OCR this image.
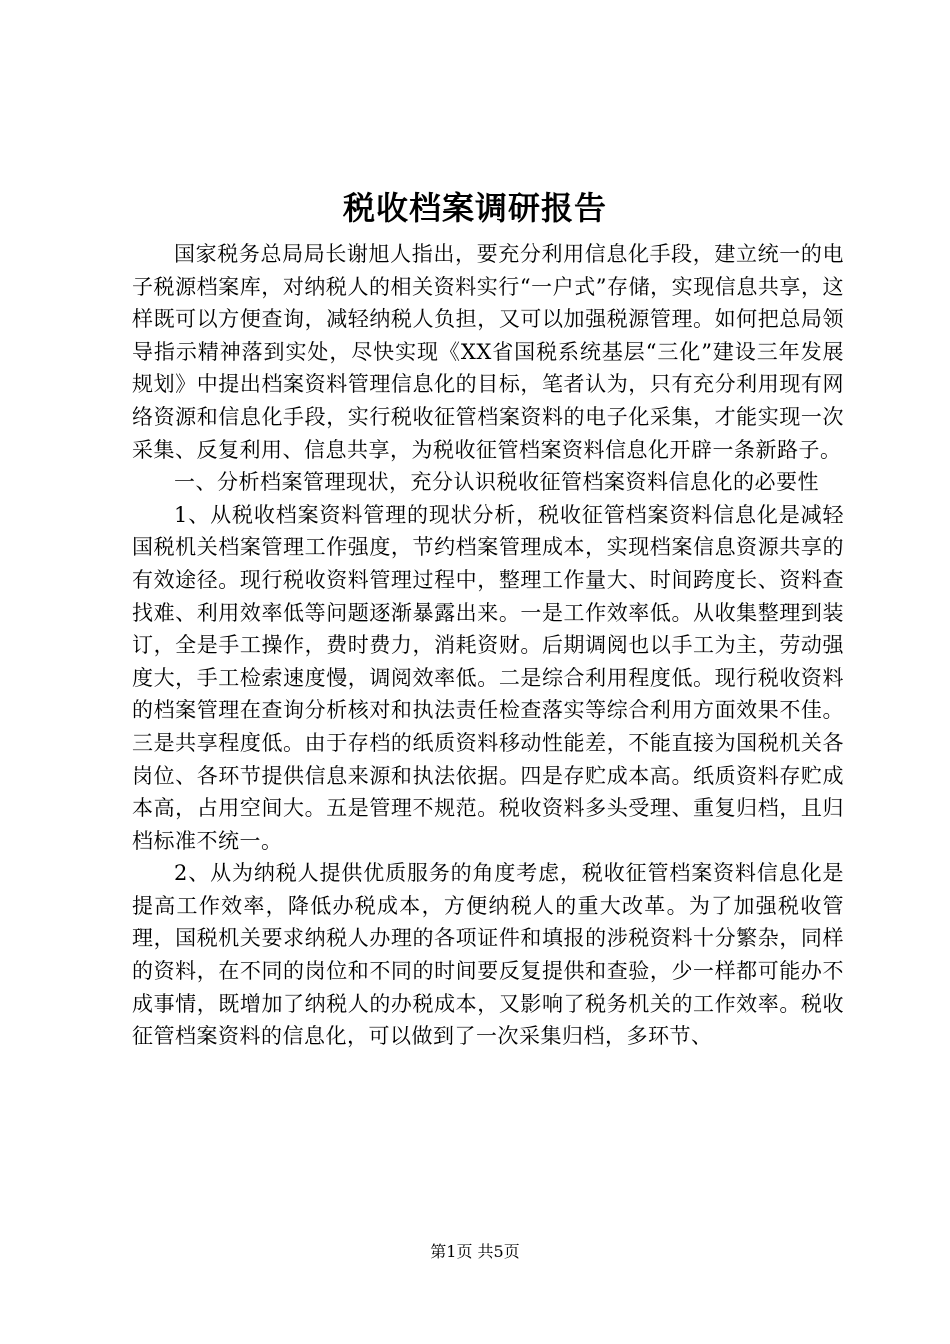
税收档案调研报告

国家税务总局局长谢旭人指出，要充分利用信息化手段，建立统一的电子税源档案库，对纳税人的相关资料实行“一户式”存储，实现信息共享，这样既可以方便查询，减轻纳税人负担，又可以加强税源管理。如何把总局领导指示精神落到实处，尽快实现《XX省国税系统基层“三化”建设三年发展规划》中提出档案资料管理信息化的目标，笔者认为，只有充分利用现有网络资源和信息化手段，实行税收征管档案资料的电子化采集，才能实现一次采集、反复利用、信息共享，为税收征管档案资料信息化开辟一条新路子。

一、分析档案管理现状，充分认识税收征管档案资料信息化的必要性

1、从税收档案资料管理的现状分析，税收征管档案资料信息化是减轻国税机关档案管理工作强度，节约档案管理成本，实现档案信息资源共享的有效途径。现行税收资料管理过程中，整理工作量大、时间跨度长、资料查找难、利用效率低等问题逐渐暴露出来。一是工作效率低。从收集整理到装订，全是手工操作，费时费力，消耗资财。后期调阅也以手工为主，劳动强度大，手工检索速度慢，调阅效率低。二是综合利用程度低。现行税收资料的档案管理在查询分析核对和执法责任检查落实等综合利用方面效果不佳。三是共享程度低。由于存档的纸质资料移动性能差，不能直接为国税机关各岗位、各环节提供信息来源和执法依据。四是存贮成本高。纸质资料存贮成本高，占用空间大。五是管理不规范。税收资料多头受理、重复归档，且归档标准不统一。

2、从为纳税人提供优质服务的角度考虑，税收征管档案资料信息化是提高工作效率，降低办税成本，方便纳税人的重大改革。为了加强税收管理，国税机关要求纳税人办理的各项证件和填报的涉税资料十分繁杂，同样的资料，在不同的岗位和不同的时间要反复提供和查验，少一样都可能办不成事情，既增加了纳税人的办税成本，又影响了税务机关的工作效率。税收征管档案资料的信息化，可以做到了一次采集归档，多环节、

第1页 共5页
